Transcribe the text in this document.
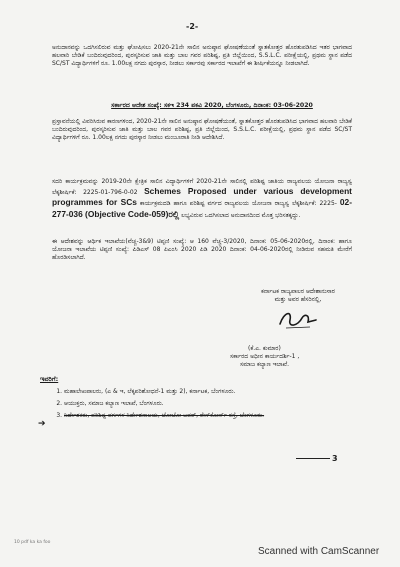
-2-

ಅನುದಾನವನ್ನು ಒದಗಿಸಲಿರುವ ಮತ್ತು ಘೋಷಿಸಲು 2020-21ನೇ ಸಾಲಿನ ಅನುಷ್ಠಾನ ಘೋಷಣೆಯಂತೆ ಸ್ನಾತಕೋತ್ತರ ಹೊರತುಪಡಿಸಿದ ಇತರ ಭಾಗವಾದ ಹಲವಾರಿ ಬೇಡಿಕೆ ಬಂದಿರುವುದರಿಂದ, ಪುರಸ್ಕರಿಸುವ ಜಾತಿ ಮತ್ತು ಬಾಲ ಗವರ ಪರಿಶಿಷ್ಟ, ಪ್ರತಿ ಜಿಲ್ಲೆಯಿಂದ, S.S.L.C. ಪರೀಕ್ಷೆಯಲ್ಲಿ, ಪ್ರಥಮ ಸ್ಥಾನ ಪಡೆದ SC/ST ವಿದ್ಯಾರ್ಥಿಗಳಿಗೆ ರೂ. 1.00ಲಕ್ಷ ನಗದು ಪುರಸ್ಕಾರ, ನೀಡಲು ಸರ್ಕಾರವು ಸರ್ಕಾರದ ಇಲಾಖೆಗೆ ಈ ಶೀರ್ಷಿಕೆಯನ್ನೂ ನೀಡಲಾಗಿದೆ.

ಸರ್ಕಾರದ ಆದೇಶ ಸಂಖ್ಯೆ: ಸಕಇ 234 ಪಕವಿ 2020, ಬೆಂಗಳೂರು, ದಿನಾಂಕ: 03-06-2020

ಪ್ರಸ್ತಾವನೆಯಲ್ಲಿ ವಿವರಿಸಿರುವ ಕಾರಣಗಳಿಂದ, 2020-21ನೇ ಸಾಲಿನ ಅನುಷ್ಠಾನ ಘೋಷಣೆಯಂತೆ, ಸ್ನಾತಕೋತ್ತರ ಹೊರತುಪಡಿಸಿದ ಭಾಗವಾದ ಹಲವಾರಿ ಬೇಡಿಕೆ ಬಂದಿರುವುದರಿಂದ, ಪುರಸ್ಕರಿಸುವ ಜಾತಿ ಮತ್ತು ಬಾಲ ಗವರ ಪರಿಶಿಷ್ಟ, ಪ್ರತಿ ಜಿಲ್ಲೆಯಿಂದ, S.S.L.C. ಪರೀಕ್ಷೆಯಲ್ಲಿ, ಪ್ರಥಮ ಸ್ಥಾನ ಪಡೆದ SC/ST ವಿದ್ಯಾರ್ಥಿಗಳಿಗೆ ರೂ. 1.00ಲಕ್ಷ ನಗದು ಪುರಸ್ಕಾರ ನೀಡಲು ಮಂಜೂರಾತಿ ನೀಡಿ ಆದೇಶಿಸಿದೆ.

ಸದರಿ ಕಾರ್ಯಕ್ರಮವನ್ನು 2019-20ನೇ ಕ್ಷೇತ್ರಿಕ ಸಾಲಿನ ವಿದ್ಯಾರ್ಥಿಗಳಿಗೆ 2020-21ನೇ ಸಾಲಿನಲ್ಲಿ ಪರಿಶಿಷ್ಟ ಜಾತಿಯ ರಾಜ್ಯವಲಯ ಯೋಜನಾ ರಾಜ್ಯಸ್ವ ಲೆಕ್ಕಶೀರ್ಷಿಕೆ: 2225-01-796-0-02 Schemes Proposed under various development programmes for SCs ಕಾರ್ಯಕ್ರಮದಡಿ ಹಾಗೂ ಪರಿಶಿಷ್ಟ ವರ್ಗದ ರಾಜ್ಯವಲಯ ಯೋಜನಾ ರಾಜ್ಯಸ್ವ ಲೆಕ್ಕಶೀರ್ಷಿಕೆ: 2225- 02-277-036 (Objective Code-059)ರಲ್ಲಿ ಲಭ್ಯವಿರುವ ಒದಗಿಸಲಾದ ಅನುದಾನದಿಂದ ಮೊತ್ತ ಭರಿಸತಕ್ಕದ್ದು.

ಈ ಆದೇಶವನ್ನು ಆರ್ಥಿಕ ಇಲಾಖೆಯ(ವೆಚ್ಚ-3&9) ಟಿಪ್ಪಣಿ ಸಂಖ್ಯೆ: ಆ 160 ವೆಚ್ಚ-3/2020, ದಿನಾಂಕ: 05-06-2020ರಲ್ಲಿ, ದಿನಾಂಕ: ಹಾಗೂ ಯೋಜನಾ ಇಲಾಖೆಯ ಟಿಪ್ಪಣಿ ಸಂಖ್ಯೆ: ಪಿಡಿಎಸ್ 08 ಪಿಎಂಸಿ 2020 ಪಿಡಿ 2020 ದಿನಾಂಕ: 04-06-2020ರಲ್ಲಿ ನೀಡಿರುವ ಸಹಮತಿ ಮೇರೆಗೆ ಹೊರಡಿಸಲಾಗಿದೆ.

ಕರ್ನಾಟಕ ರಾಜ್ಯಪಾಲರ ಆದೇಶಾನುಸಾರ
ಮತ್ತು ಅವರ ಹೆಸರಿನಲ್ಲಿ,
(ಕೆ.ಎ. ಕುಮಾರ)
ಸರ್ಕಾರದ ಅಧೀನ ಕಾರ್ಯದರ್ಶಿ-1 ,
ಸಮಾಜ ಕಲ್ಯಾಣ ಇಲಾಖೆ.
ಇವರಿಗೆ:
1. ಮಹಾಲೇಖಪಾಲರು, (ಎ & ಇ, ಲೆಕ್ಕಪರಿಶೋಧನೆ-1 ಮತ್ತು 2), ಕರ್ನಾಟಕ, ಬೆಂಗಳೂರು.
2. ಆಯುಕ್ತರು, ಸಮಾಜ ಕಲ್ಯಾಣ ಇಲಾಖೆ, ಬೆಂಗಳೂರು.
3. ನಿರ್ದೇಶಕರು, ಪರಿಶಿಷ್ಟ ವರ್ಗಗಳ ನಿರ್ದೇಶನಾಲಯ, ಟೋಬೋ ಟವರ್, ರೇಸ್‌ಕೋರ್ಸ್ ರಸ್ತೆ, ಬೆಂಗಳೂರು.
➔
3
10 pdf ka ka foo
Scanned with CamScanner
